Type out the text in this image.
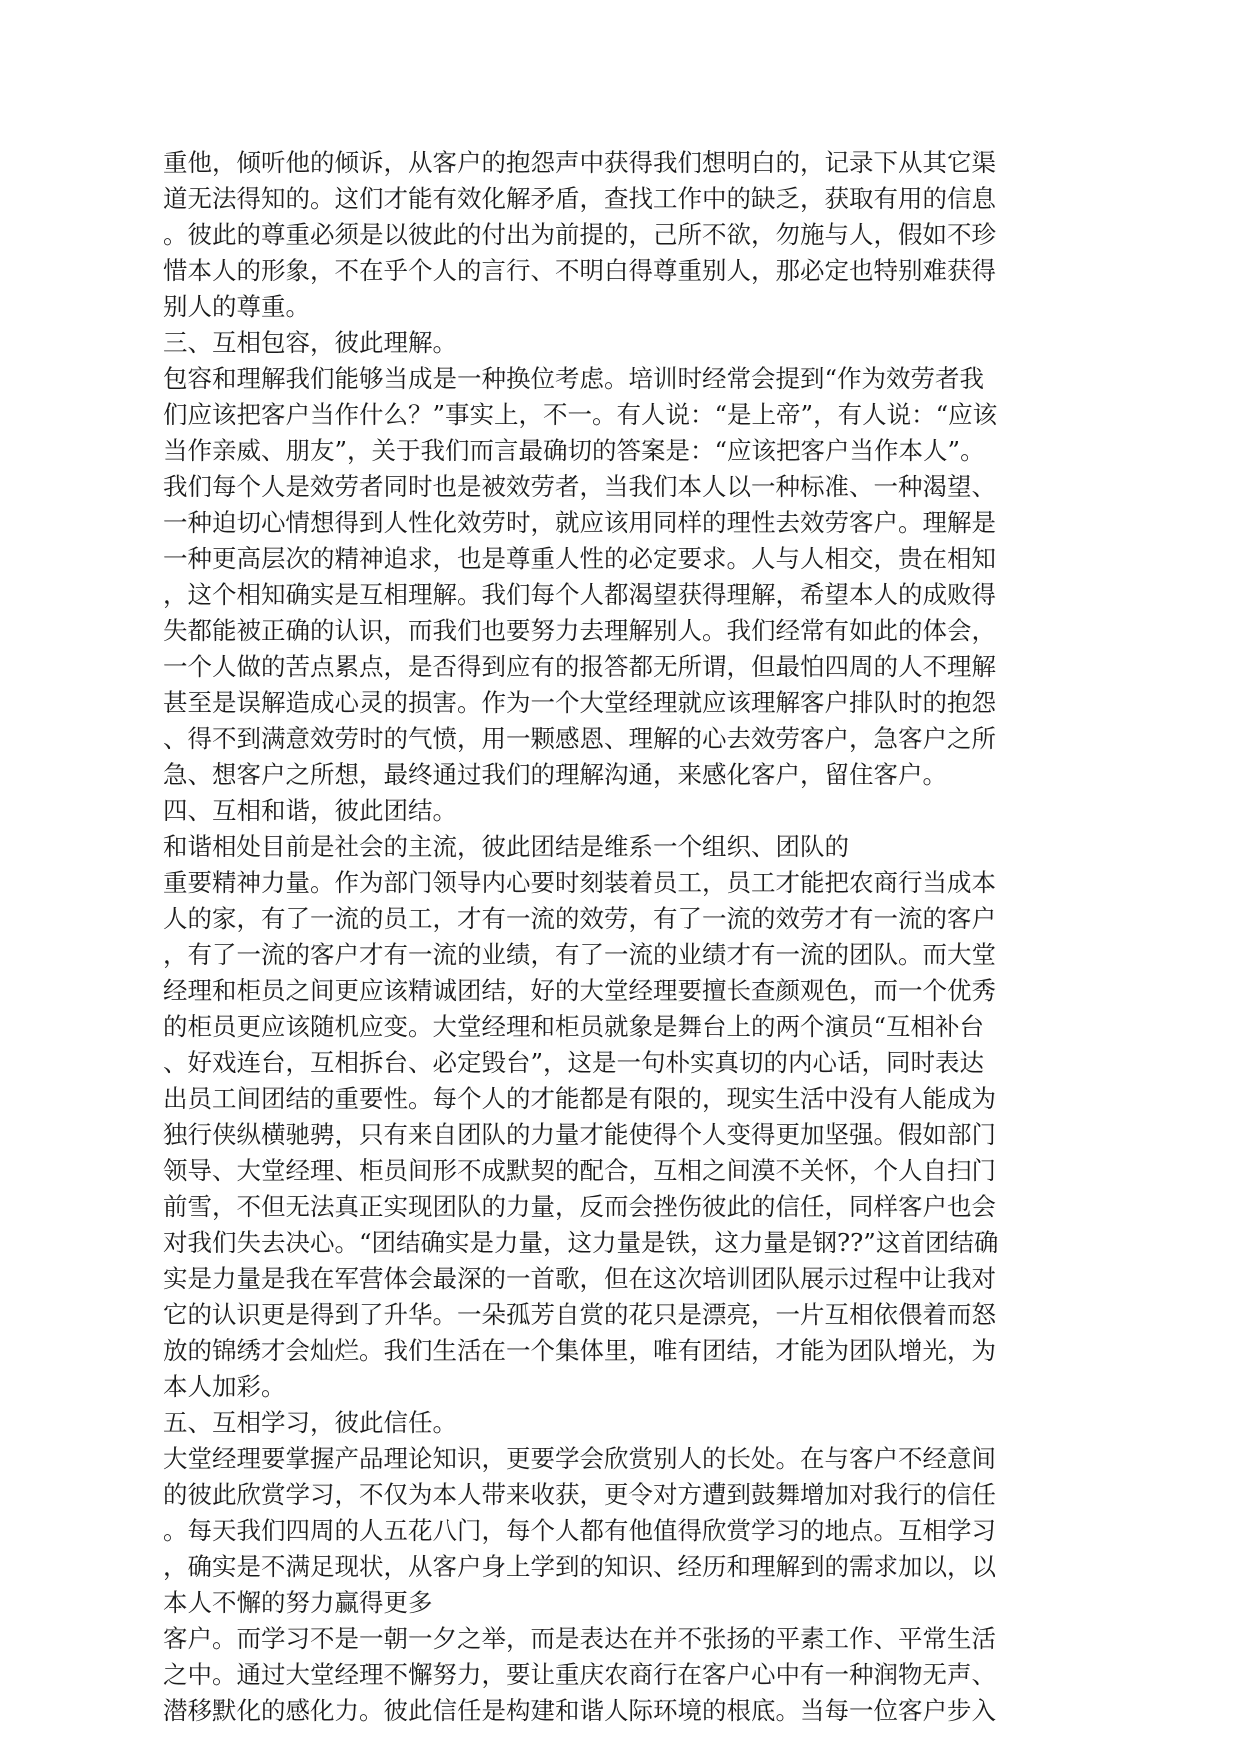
重他，倾听他的倾诉，从客户的抱怨声中获得我们想明白的，记录下从其它渠
道无法得知的。这们才能有效化解矛盾，查找工作中的缺乏，获取有用的信息
。彼此的尊重必须是以彼此的付出为前提的，己所不欲，勿施与人，假如不珍
惜本人的形象，不在乎个人的言行、不明白得尊重别人，那必定也特别难获得
别人的尊重。
三、互相包容，彼此理解。
包容和理解我们能够当成是一种换位考虑。培训时经常会提到“作为效劳者我
们应该把客户当作什么？”事实上，不一。有人说：“是上帝”，有人说：“应该
当作亲威、朋友”，关于我们而言最确切的答案是：“应该把客户当作本人”。
我们每个人是效劳者同时也是被效劳者，当我们本人以一种标准、一种渴望、
一种迫切心情想得到人性化效劳时，就应该用同样的理性去效劳客户。理解是
一种更高层次的精神追求，也是尊重人性的必定要求。人与人相交，贵在相知
，这个相知确实是互相理解。我们每个人都渴望获得理解，希望本人的成败得
失都能被正确的认识，而我们也要努力去理解别人。我们经常有如此的体会，
一个人做的苦点累点，是否得到应有的报答都无所谓，但最怕四周的人不理解
甚至是误解造成心灵的损害。作为一个大堂经理就应该理解客户排队时的抱怨
、得不到满意效劳时的气愤，用一颗感恩、理解的心去效劳客户，急客户之所
急、想客户之所想，最终通过我们的理解沟通，来感化客户，留住客户。
四、互相和谐，彼此团结。
和谐相处目前是社会的主流，彼此团结是维系一个组织、团队的
重要精神力量。作为部门领导内心要时刻装着员工，员工才能把农商行当成本
人的家，有了一流的员工，才有一流的效劳，有了一流的效劳才有一流的客户
，有了一流的客户才有一流的业绩，有了一流的业绩才有一流的团队。而大堂
经理和柜员之间更应该精诚团结，好的大堂经理要擅长查颜观色，而一个优秀
的柜员更应该随机应变。大堂经理和柜员就象是舞台上的两个演员“互相补台
、好戏连台，互相拆台、必定毁台”，这是一句朴实真切的内心话，同时表达
出员工间团结的重要性。每个人的才能都是有限的，现实生活中没有人能成为
独行侠纵横驰骋，只有来自团队的力量才能使得个人变得更加坚强。假如部门
领导、大堂经理、柜员间形不成默契的配合，互相之间漠不关怀，个人自扫门
前雪，不但无法真正实现团队的力量，反而会挫伤彼此的信任，同样客户也会
对我们失去决心。“团结确实是力量，这力量是铁，这力量是钢??”这首团结确
实是力量是我在军营体会最深的一首歌，但在这次培训团队展示过程中让我对
它的认识更是得到了升华。一朵孤芳自赏的花只是漂亮，一片互相依偎着而怒
放的锦绣才会灿烂。我们生活在一个集体里，唯有团结，才能为团队增光，为
本人加彩。
五、互相学习，彼此信任。
大堂经理要掌握产品理论知识，更要学会欣赏别人的长处。在与客户不经意间
的彼此欣赏学习，不仅为本人带来收获，更令对方遭到鼓舞增加对我行的信任
。每天我们四周的人五花八门，每个人都有他值得欣赏学习的地点。互相学习
，确实是不满足现状，从客户身上学到的知识、经历和理解到的需求加以，以
本人不懈的努力赢得更多
客户。而学习不是一朝一夕之举，而是表达在并不张扬的平素工作、平常生活
之中。通过大堂经理不懈努力，要让重庆农商行在客户心中有一种润物无声、
潜移默化的感化力。彼此信任是构建和谐人际环境的根底。当每一位客户步入
